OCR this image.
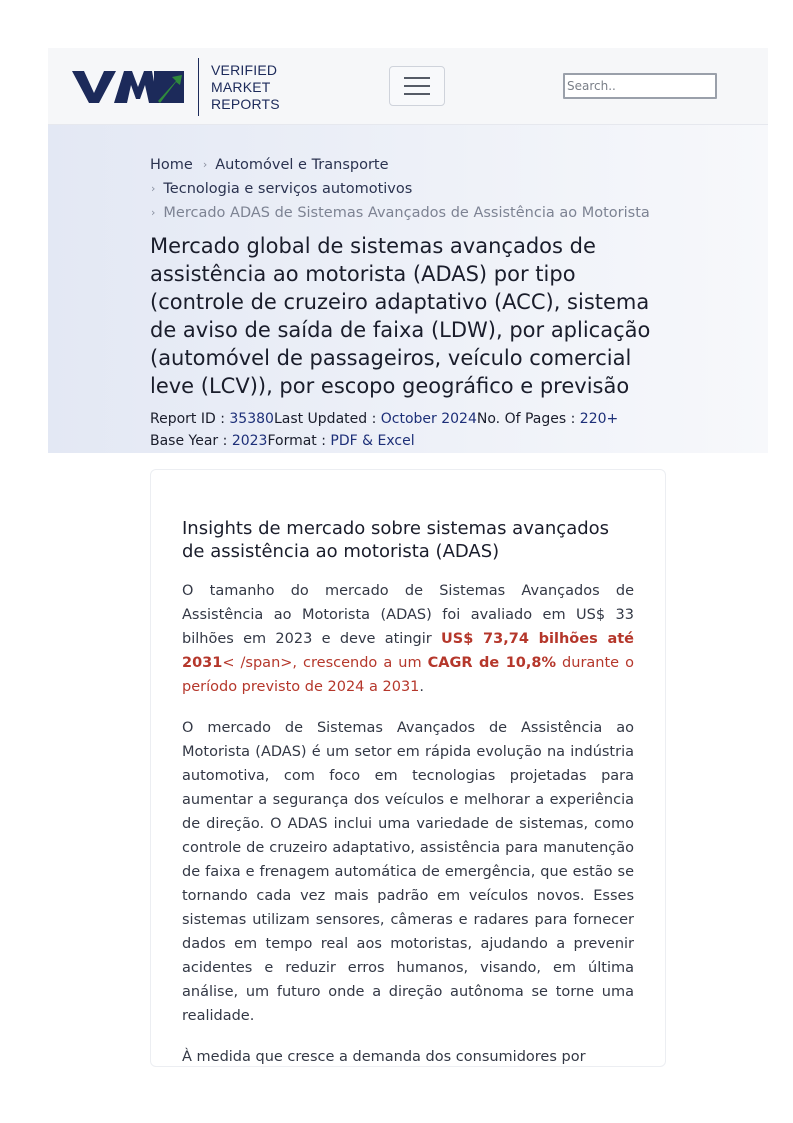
VERIFIED
MARKET
REPORTS
Search..
Home › Automóvel e Transporte
› Tecnologia e serviços automotivos
› Mercado ADAS de Sistemas Avançados de Assistência ao Motorista
Mercado global de sistemas avançados de assistência ao motorista (ADAS) por tipo (controle de cruzeiro adaptativo (ACC), sistema de aviso de saída de faixa (LDW), por aplicação (automóvel de passageiros, veículo comercial leve (LCV)), por escopo geográfico e previsão
Report ID : 35380Last Updated : October 2024No. Of Pages : 220+
Base Year : 2023Format : PDF & Excel
Insights de mercado sobre sistemas avançados de assistência ao motorista (ADAS)

O tamanho do mercado de Sistemas Avançados de Assistência ao Motorista (ADAS) foi avaliado em US$ 33 bilhões em 2023 e deve atingir US$ 73,74 bilhões até 2031< /span>, crescendo a um CAGR de 10,8% durante o período previsto de 2024 a 2031.

O mercado de Sistemas Avançados de Assistência ao Motorista (ADAS) é um setor em rápida evolução na indústria automotiva, com foco em tecnologias projetadas para aumentar a segurança dos veículos e melhorar a experiência de direção. O ADAS inclui uma variedade de sistemas, como controle de cruzeiro adaptativo, assistência para manutenção de faixa e frenagem automática de emergência, que estão se tornando cada vez mais padrão em veículos novos. Esses sistemas utilizam sensores, câmeras e radares para fornecer dados em tempo real aos motoristas, ajudando a prevenir acidentes e reduzir erros humanos, visando, em última análise, um futuro onde a direção autônoma se torne uma realidade.

À medida que cresce a demanda dos consumidores por
